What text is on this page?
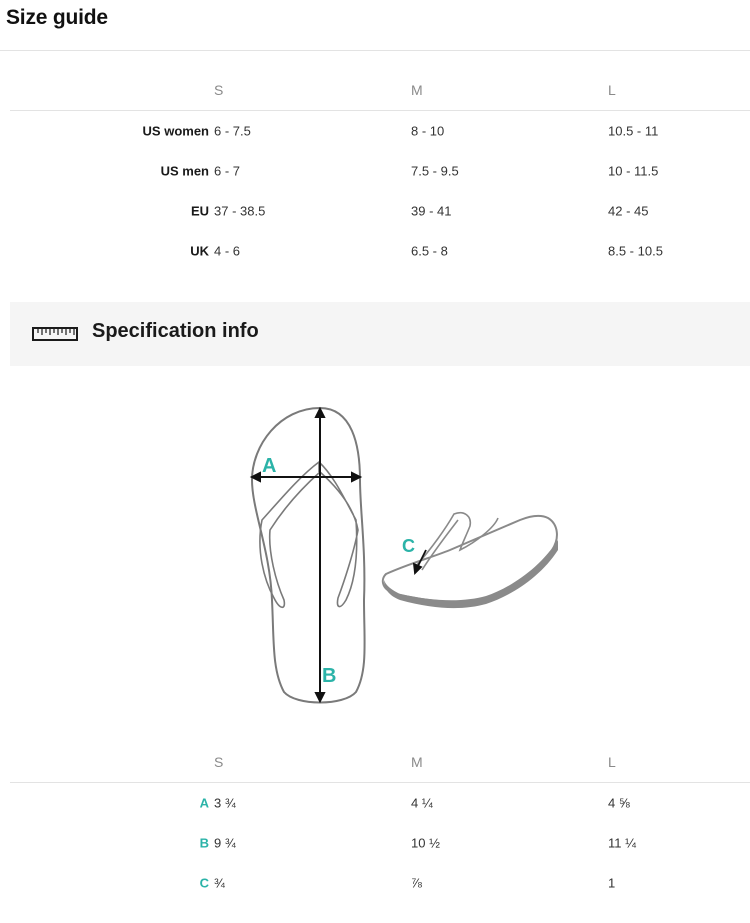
Size guide
S	M	L
US women 6 - 7.5	8 - 10	10.5 - 11
US men 6 - 7	7.5 - 9.5	10 - 11.5
EU 37 - 38.5	39 - 41	42 - 45
UK 4 - 6	6.5 - 8	8.5 - 10.5
Specification info
A
B
C
S	M	L
A 3 ¾	4 ¼	4 ⅝
B 9 ¾	10 ½	11 ¼
C ¾	⅞	1
